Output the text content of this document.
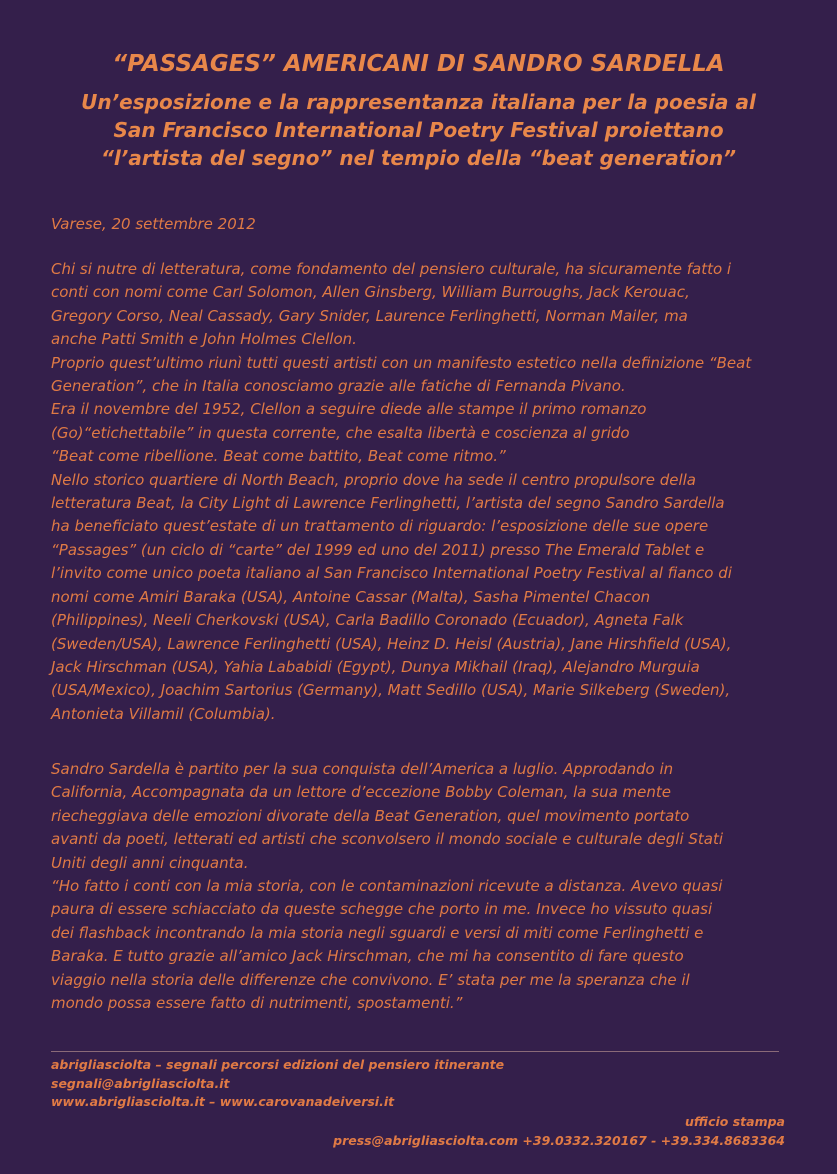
“PASSAGES” AMERICANI DI SANDRO SARDELLA
Un’esposizione e la rappresentanza italiana per la poesia al
San Francisco International Poetry Festival proiettano
“l’artista del segno” nel tempio della “beat generation”
Varese, 20 settembre 2012

Chi si nutre di letteratura, come fondamento del pensiero culturale, ha sicuramente fatto i
conti con nomi come Carl Solomon, Allen Ginsberg, William Burroughs, Jack Kerouac,
Gregory Corso, Neal Cassady, Gary Snider, Laurence Ferlinghetti, Norman Mailer, ma
anche Patti Smith e John Holmes Clellon.
Proprio quest’ultimo riunì tutti questi artisti con un manifesto estetico nella definizione “Beat
Generation”, che in Italia conosciamo grazie alle fatiche di Fernanda Pivano.
Era il novembre del 1952, Clellon a seguire diede alle stampe il primo romanzo
(Go)“etichettabile” in questa corrente, che esalta libertà e coscienza al grido
“Beat come ribellione. Beat come battito, Beat come ritmo.”
Nello storico quartiere di North Beach, proprio dove ha sede il centro propulsore della
letteratura Beat, la City Light di Lawrence Ferlinghetti, l’artista del segno Sandro Sardella
ha beneficiato quest’estate di un trattamento di riguardo: l’esposizione delle sue opere
“Passages” (un ciclo di “carte” del 1999 ed uno del 2011) presso The Emerald Tablet e
l’invito come unico poeta italiano al San Francisco International Poetry Festival al fianco di
nomi come Amiri Baraka (USA), Antoine Cassar (Malta), Sasha Pimentel Chacon
(Philippines), Neeli Cherkovski (USA), Carla Badillo Coronado (Ecuador), Agneta Falk
(Sweden/USA), Lawrence Ferlinghetti (USA), Heinz D. Heisl (Austria), Jane Hirshfield (USA),
Jack Hirschman (USA), Yahia Lababidi (Egypt), Dunya Mikhail (Iraq), Alejandro Murguia
(USA/Mexico), Joachim Sartorius (Germany), Matt Sedillo (USA), Marie Silkeberg (Sweden),
Antonieta Villamil (Columbia).

Sandro Sardella è partito per la sua conquista dell’America a luglio. Approdando in
California, Accompagnata da un lettore d’eccezione Bobby Coleman, la sua mente
riecheggiava delle emozioni divorate della Beat Generation, quel movimento portato
avanti da poeti, letterati ed artisti che sconvolsero il mondo sociale e culturale degli Stati
Uniti degli anni cinquanta.
“Ho fatto i conti con la mia storia, con le contaminazioni ricevute a distanza. Avevo quasi
paura di essere schiacciato da queste schegge che porto in me. Invece ho vissuto quasi
dei flashback incontrando la mia storia negli sguardi e versi di miti come Ferlinghetti e
Baraka. E tutto grazie all’amico Jack Hirschman, che mi ha consentito di fare questo
viaggio nella storia delle differenze che convivono. E’ stata per me la speranza che il
mondo possa essere fatto di nutrimenti, spostamenti.”

abrigliasciolta – segnali percorsi edizioni del pensiero itinerante
segnali@abrigliasciolta.it
www.abrigliasciolta.it – www.carovanadeiversi.it
ufficio stampa
press@abrigliasciolta.com +39.0332.320167 - +39.334.8683364
